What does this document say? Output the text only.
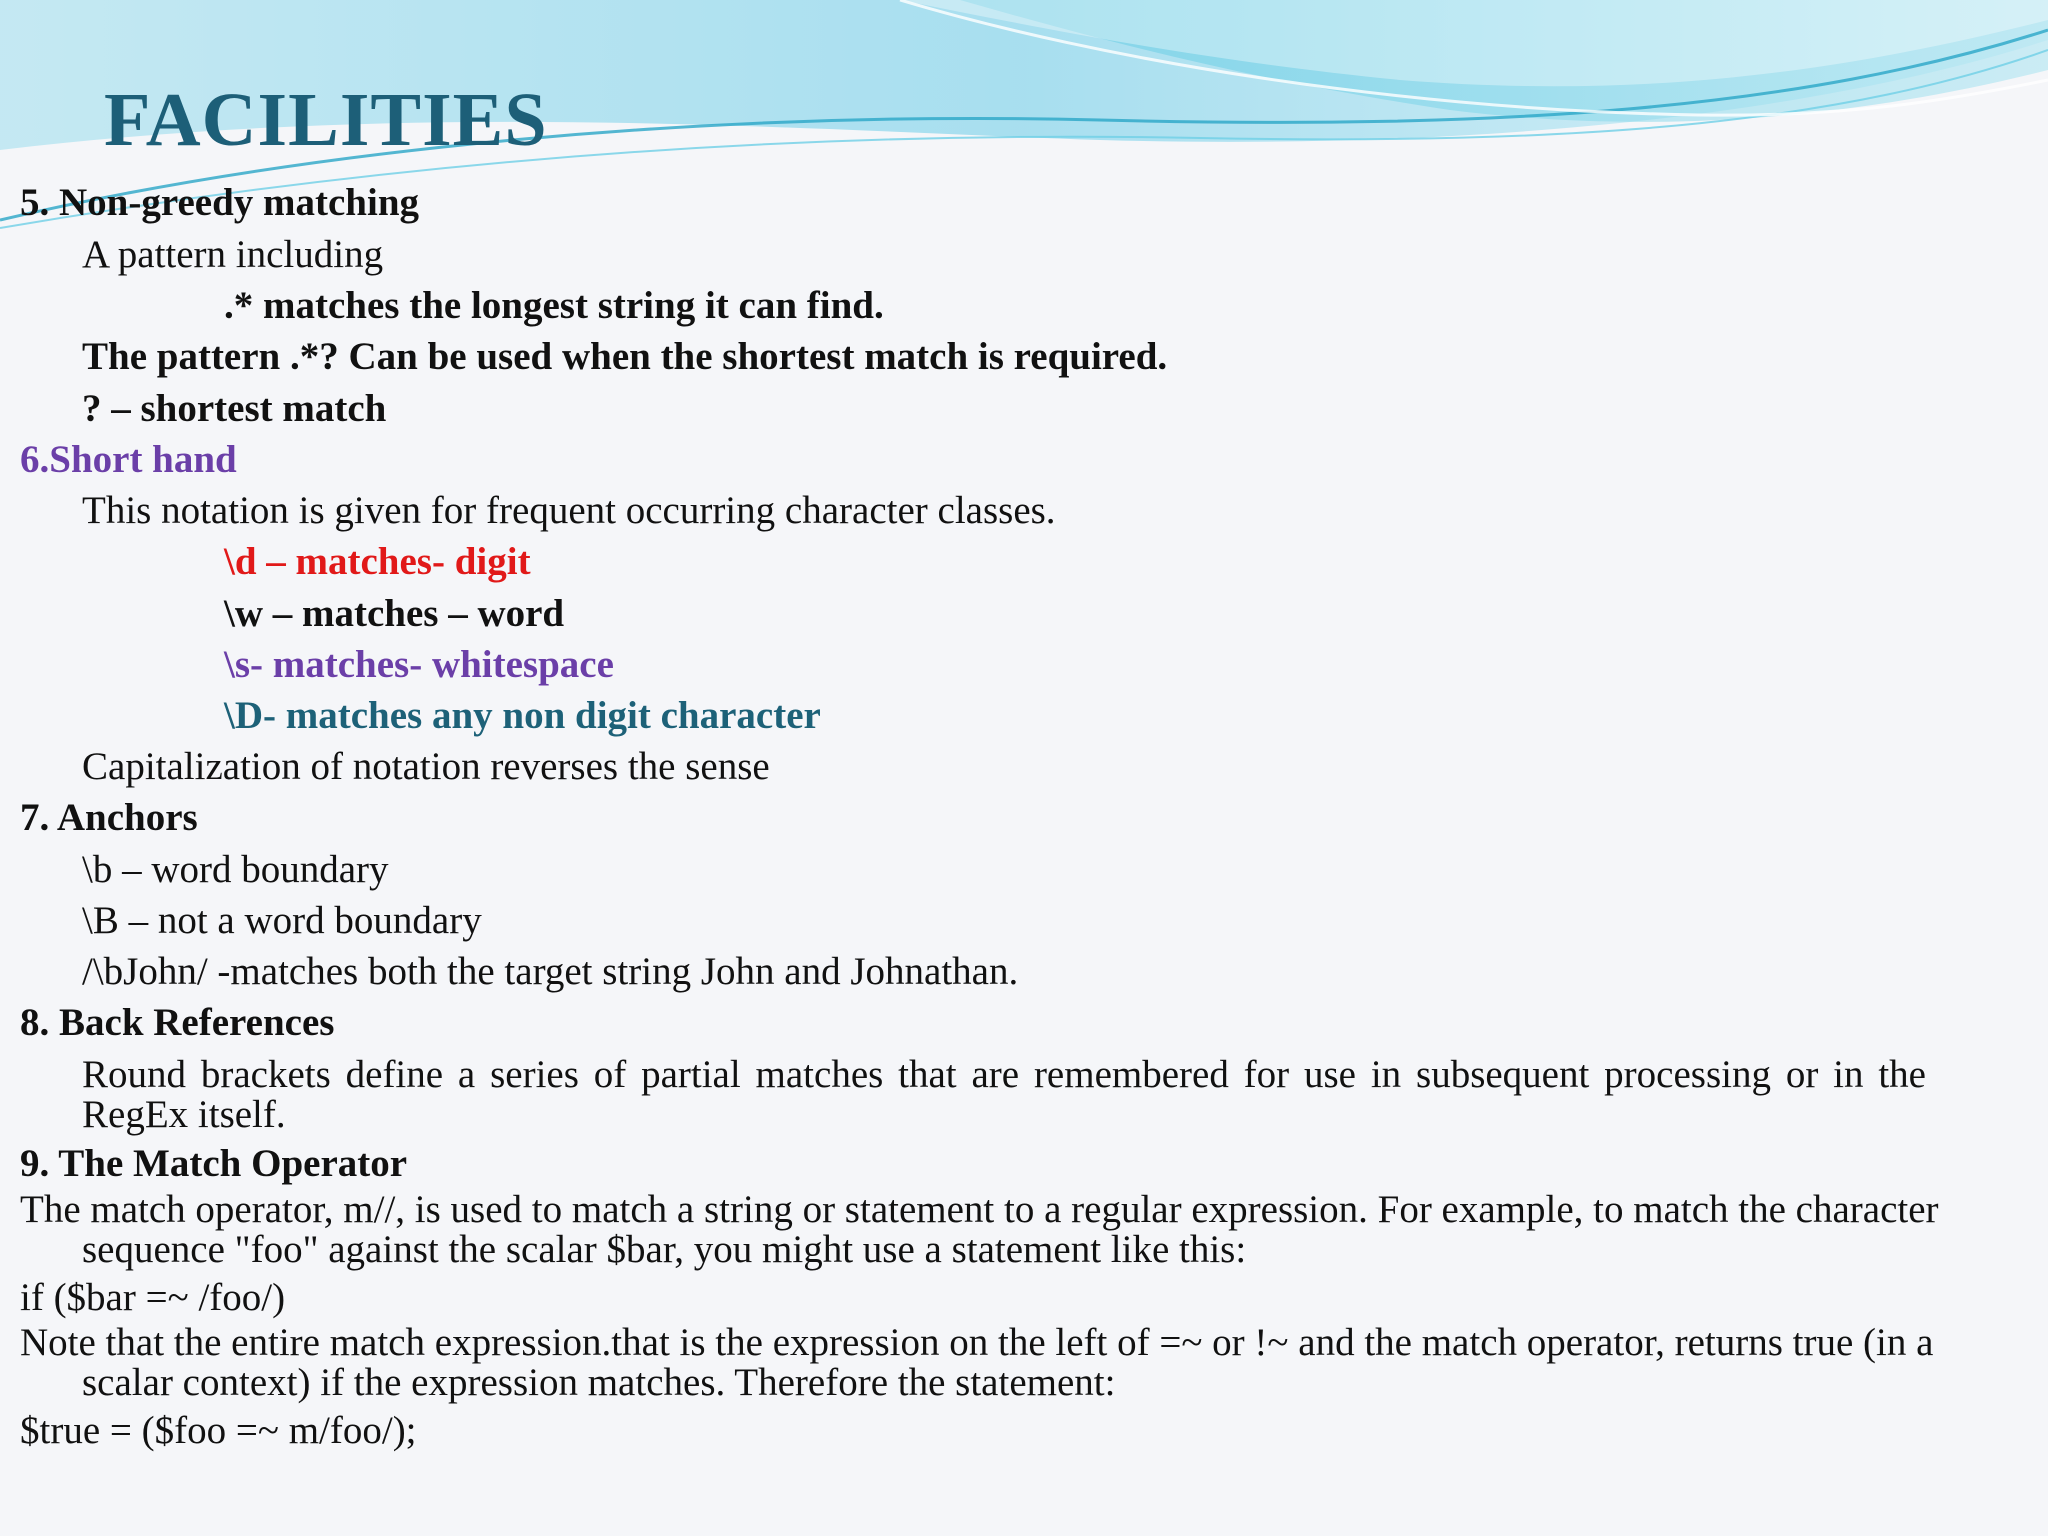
FACILITIES
5. Non-greedy matching
A pattern including
.* matches the longest string it can find.
The pattern .*? Can be used when the shortest match is required.
? – shortest match
6.Short hand
This notation is given for frequent occurring character classes.
\d – matches- digit
\w – matches – word
\s- matches- whitespace
\D- matches any non digit character
Capitalization of notation reverses the sense
7. Anchors
\b – word boundary
\B – not a word boundary
/\bJohn/ -matches both the target string John and Johnathan.
8. Back References
Round brackets define a series of partial matches that are remembered for use in subsequent processing or in the RegEx itself.
9. The Match Operator
The match operator, m//, is used to match a string or statement to a regular expression. For example, to match the character sequence "foo" against the scalar $bar, you might use a statement like this:
if ($bar =~ /foo/)
Note that the entire match expression.that is the expression on the left of =~ or !~ and the match operator, returns true (in a scalar context) if the expression matches. Therefore the statement:
$true = ($foo =~ m/foo/);
